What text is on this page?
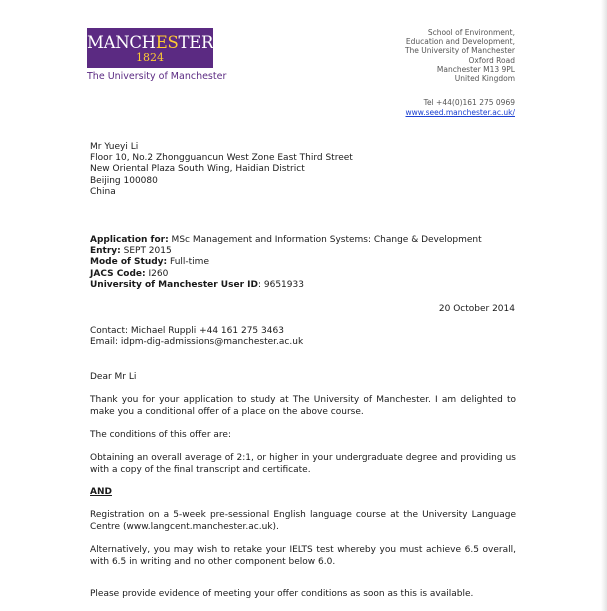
MANCHESTER
1824
The University of Manchester
School of Environment,
Education and Development,
The University of Manchester
Oxford Road
Manchester M13 9PL
United Kingdom
Tel +44(0)161 275 0969
www.seed.manchester.ac.uk/
Mr Yueyi Li
Floor 10, No.2 Zhongguancun West Zone East Third Street
New Oriental Plaza South Wing, Haidian District
Beijing 100080
China
Application for: MSc Management and Information Systems: Change & Development
Entry: SEPT 2015
Mode of Study: Full-time
JACS Code: I260
University of Manchester User ID: 9651933
20 October 2014
Contact: Michael Ruppli +44 161 275 3463
Email: idpm-dig-admissions@manchester.ac.uk
Dear Mr Li
Thank you for your application to study at The University of Manchester. I am delighted to make you a conditional offer of a place on the above course.
The conditions of this offer are:
Obtaining an overall average of 2:1, or higher in your undergraduate degree and providing us with a copy of the final transcript and certificate.
AND
Registration on a 5-week pre-sessional English language course at the University Language Centre (www.langcent.manchester.ac.uk).
Alternatively, you may wish to retake your IELTS test whereby you must achieve 6.5 overall, with 6.5 in writing and no other component below 6.0.
Please provide evidence of meeting your offer conditions as soon as this is available.
